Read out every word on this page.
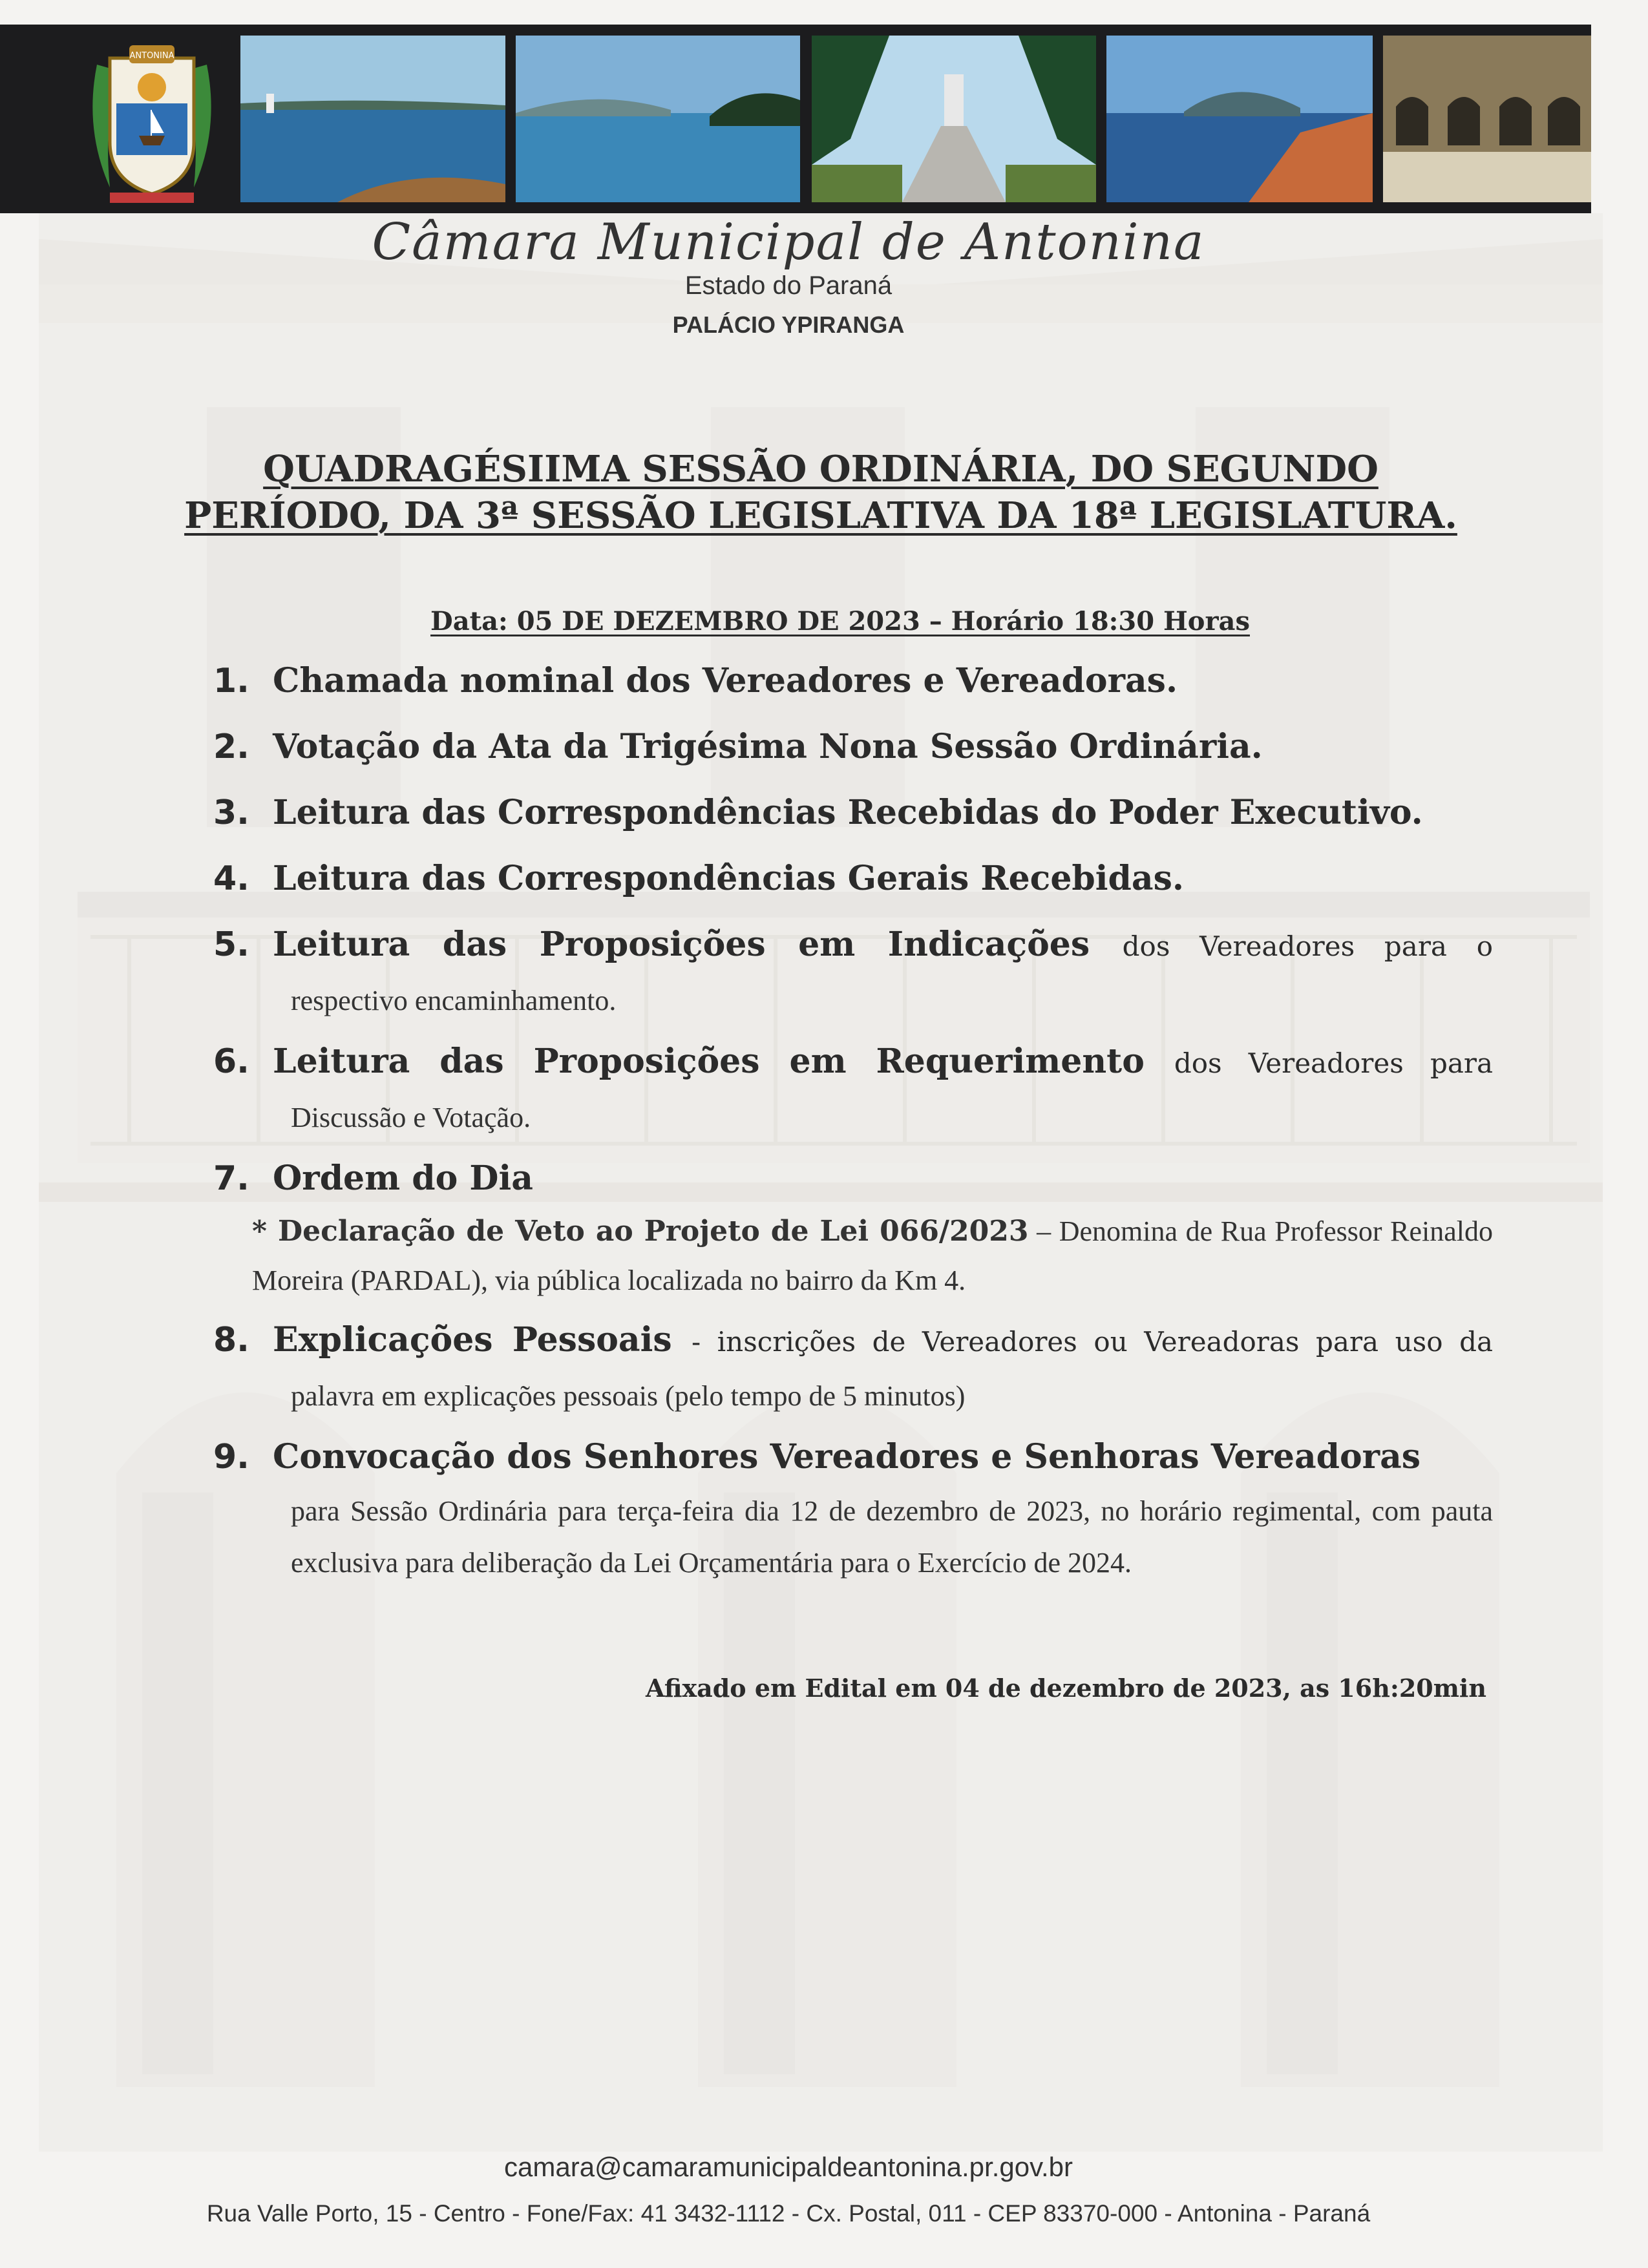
ANTONINA
Câmara Municipal de Antonina
Estado do Paraná
PALÁCIO YPIRANGA
QUADRAGÉSIIMA SESSÃO ORDINÁRIA, DO SEGUNDO
PERÍODO, DA 3ª SESSÃO LEGISLATIVA DA 18ª LEGISLATURA.
Data: 05 DE DEZEMBRO DE 2023 – Horário 18:30 Horas
1. Chamada nominal dos Vereadores e Vereadoras.
2. Votação da Ata da Trigésima Nona Sessão Ordinária.
3. Leitura das Correspondências Recebidas do Poder Executivo.
4. Leitura das Correspondências Gerais Recebidas.
5. Leitura das Proposições em Indicações dos Vereadores para o
respectivo encaminhamento.
6. Leitura das Proposições em Requerimento dos Vereadores para
Discussão e Votação.
7. Ordem do Dia
* Declaração de Veto ao Projeto de Lei 066/2023 – Denomina de Rua Professor Reinaldo Moreira (PARDAL), via pública localizada no bairro da Km 4.
8. Explicações Pessoais - inscrições de Vereadores ou Vereadoras para uso da
palavra em explicações pessoais (pelo tempo de 5 minutos)
9. Convocação dos Senhores Vereadores e Senhoras Vereadoras
para Sessão Ordinária para terça-feira dia 12 de dezembro de 2023, no horário regimental, com pauta exclusiva para deliberação da Lei Orçamentária para o Exercício de 2024.
Afixado em Edital em 04 de dezembro de 2023, as 16h:20min
camara@camaramunicipaldeantonina.pr.gov.br
Rua Valle Porto, 15 - Centro - Fone/Fax: 41 3432-1112 - Cx. Postal, 011 - CEP 83370-000 - Antonina - Paraná
